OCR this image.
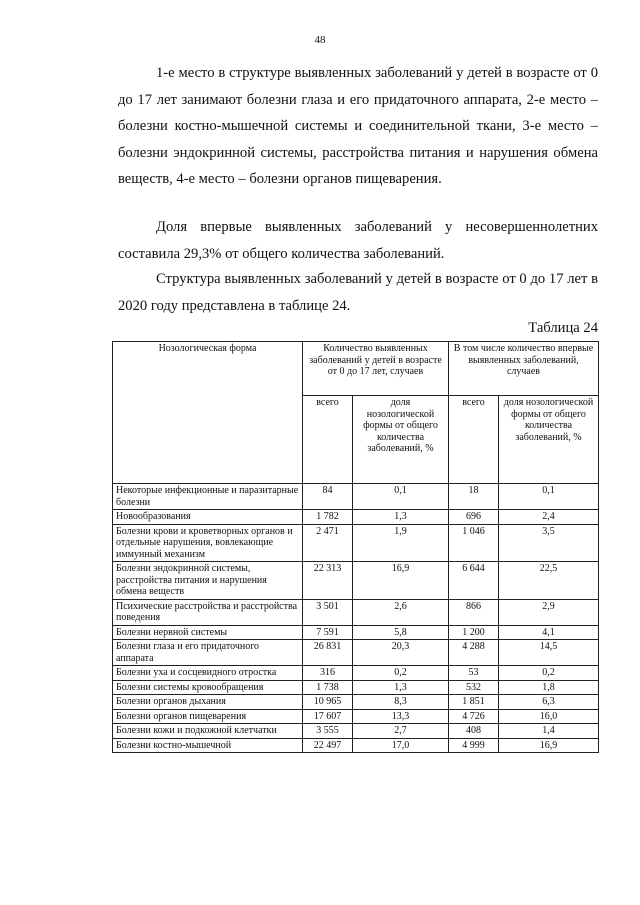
48
1-е место в структуре выявленных заболеваний у детей в возрасте от 0 до 17 лет занимают болезни глаза и его придаточного аппарата, 2-е место – болезни костно-мышечной системы и соединительной ткани, 3-е место – болезни эндокринной системы, расстройства питания и нарушения обмена веществ, 4-е место – болезни органов пищеварения.
Доля впервые выявленных заболеваний у несовершеннолетних составила 29,3% от общего количества заболеваний.
Структура выявленных заболеваний у детей в возрасте от 0 до 17 лет в 2020 году представлена в таблице 24.
Таблица 24
Нозологическая форма	Количество выявленных заболеваний у детей в возрасте от 0 до 17 лет, случаев		В том числе количество впервые выявленных заболеваний, случаев	
	всего	доля нозологической формы от общего количества заболеваний, %	всего	доля нозологической формы от общего количества заболеваний, %
Некоторые инфекционные и паразитарные болезни	84	0,1	18	0,1
Новообразования	1 782	1,3	696	2,4
Болезни крови и кроветворных органов и отдельные нарушения, вовлекающие иммунный механизм	2 471	1,9	1 046	3,5
Болезни эндокринной системы, расстройства питания и нарушения обмена веществ	22 313	16,9	6 644	22,5
Психические расстройства и расстройства поведения	3 501	2,6	866	2,9
Болезни нервной системы	7 591	5,8	1 200	4,1
Болезни глаза и его придаточного аппарата	26 831	20,3	4 288	14,5
Болезни уха и сосцевидного отростка	316	0,2	53	0,2
Болезни системы кровообращения	1 738	1,3	532	1,8
Болезни органов дыхания	10 965	8,3	1 851	6,3
Болезни органов пищеварения	17 607	13,3	4 726	16,0
Болезни кожи и подкожной клетчатки	3 555	2,7	408	1,4
Болезни костно-мышечной	22 497	17,0	4 999	16,9
